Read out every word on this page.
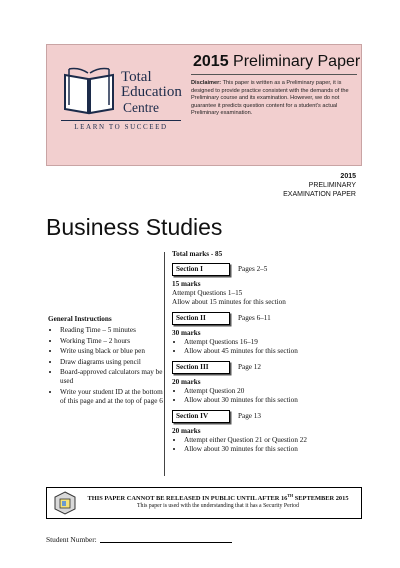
Total
Education
Centre
LEARN TO SUCCEED
2015 Preliminary Paper
Disclaimer: This paper is written as a Preliminary paper, it is designed to provide practice consistent with the demands of the Preliminary course and its examination. However, we do not guarantee it predicts question content for a student's actual Preliminary examination.
2015
PRELIMINARY
EXAMINATION PAPER
Business Studies
General Instructions
• Reading Time – 5 minutes
• Working Time – 2 hours
• Write using black or blue pen
• Draw diagrams using pencil
• Board-approved calculators may be used
• Write your student ID at the bottom of this page and at the top of page 6
Total marks - 85
Section I	Pages 2–5
15 marks
Attempt Questions 1–15
Allow about 15 minutes for this section
Section II	Pages 6–11
30 marks
• Attempt Questions 16–19
• Allow about 45 minutes for this section
Section III	Page 12
20 marks
• Attempt Question 20
• Allow about 30 minutes for this section
Section IV	Page 13
20 marks
• Attempt either Question 21 or Question 22
• Allow about 30 minutes for this section
THIS PAPER CANNOT BE RELEASED IN PUBLIC UNTIL AFTER 16TH SEPTEMBER 2015
This paper is used with the understanding that it has a Security Period
Student Number:
